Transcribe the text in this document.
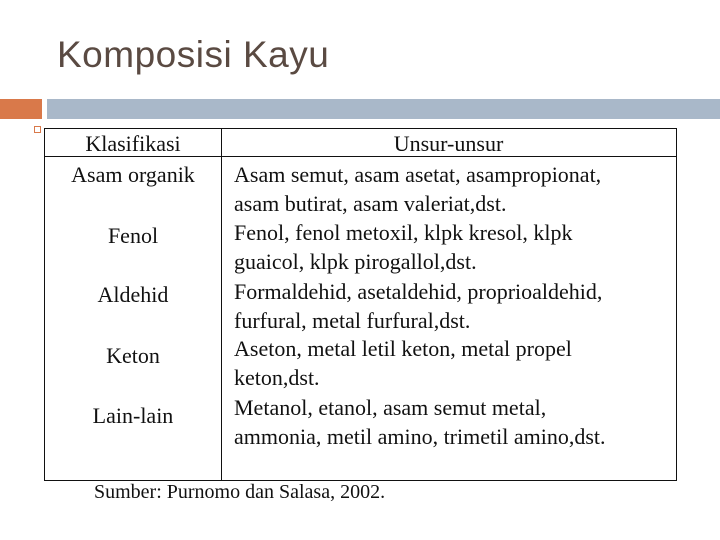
Komposisi Kayu
Klasifikasi	Unsur-unsur
Asam organik	Asam semut, asam asetat, asampropionat,
asam butirat, asam valeriat,dst.
Fenol	Fenol, fenol metoxil, klpk kresol, klpk
guaicol, klpk pirogallol,dst.
Aldehid	Formaldehid, asetaldehid, proprioaldehid,
furfural, metal furfural,dst.
Keton	Aseton, metal letil keton, metal propel
keton,dst.
Lain-lain	Metanol, etanol, asam semut metal,
ammonia, metil amino, trimetil amino,dst.
Sumber: Purnomo dan Salasa, 2002.
